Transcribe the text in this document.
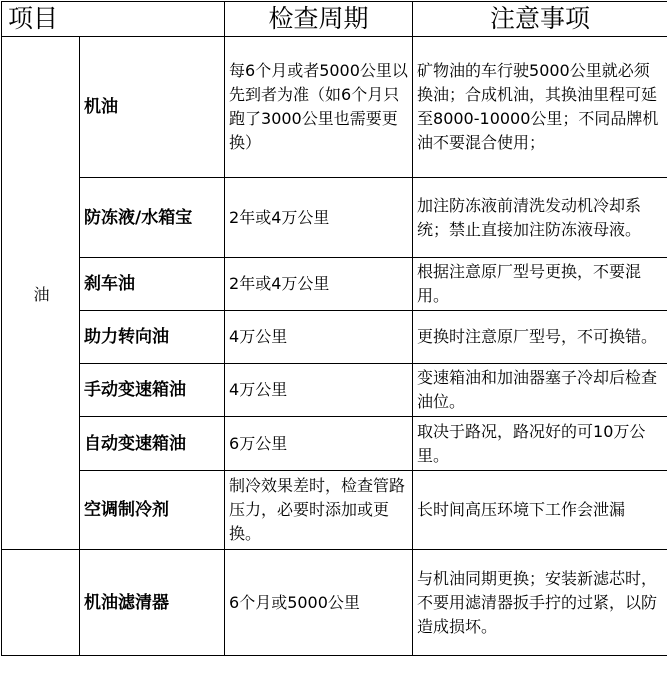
项目		检查周期	注意事项
油	机油	每6个月或者5000公里以先到者为准（如6个月只跑了3000公里也需要更换）	矿物油的车行驶5000公里就必须换油；合成机油，其换油里程可延至8000-10000公里；不同品牌机油不要混合使用；
	防冻液/水箱宝	2年或4万公里	加注防冻液前清洗发动机冷却系统；禁止直接加注防冻液母液。
	刹车油	2年或4万公里	根据注意原厂型号更换，不要混用。
	助力转向油	4万公里	更换时注意原厂型号，不可换错。
	手动变速箱油	4万公里	变速箱油和加油器塞子冷却后检查油位。
	自动变速箱油	6万公里	取决于路况，路况好的可10万公里。
	空调制冷剂	制冷效果差时，检查管路压力，必要时添加或更换。	长时间高压环境下工作会泄漏
	机油滤清器	6个月或5000公里	与机油同期更换；安装新滤芯时，不要用滤清器扳手拧的过紧，以防造成损坏。
